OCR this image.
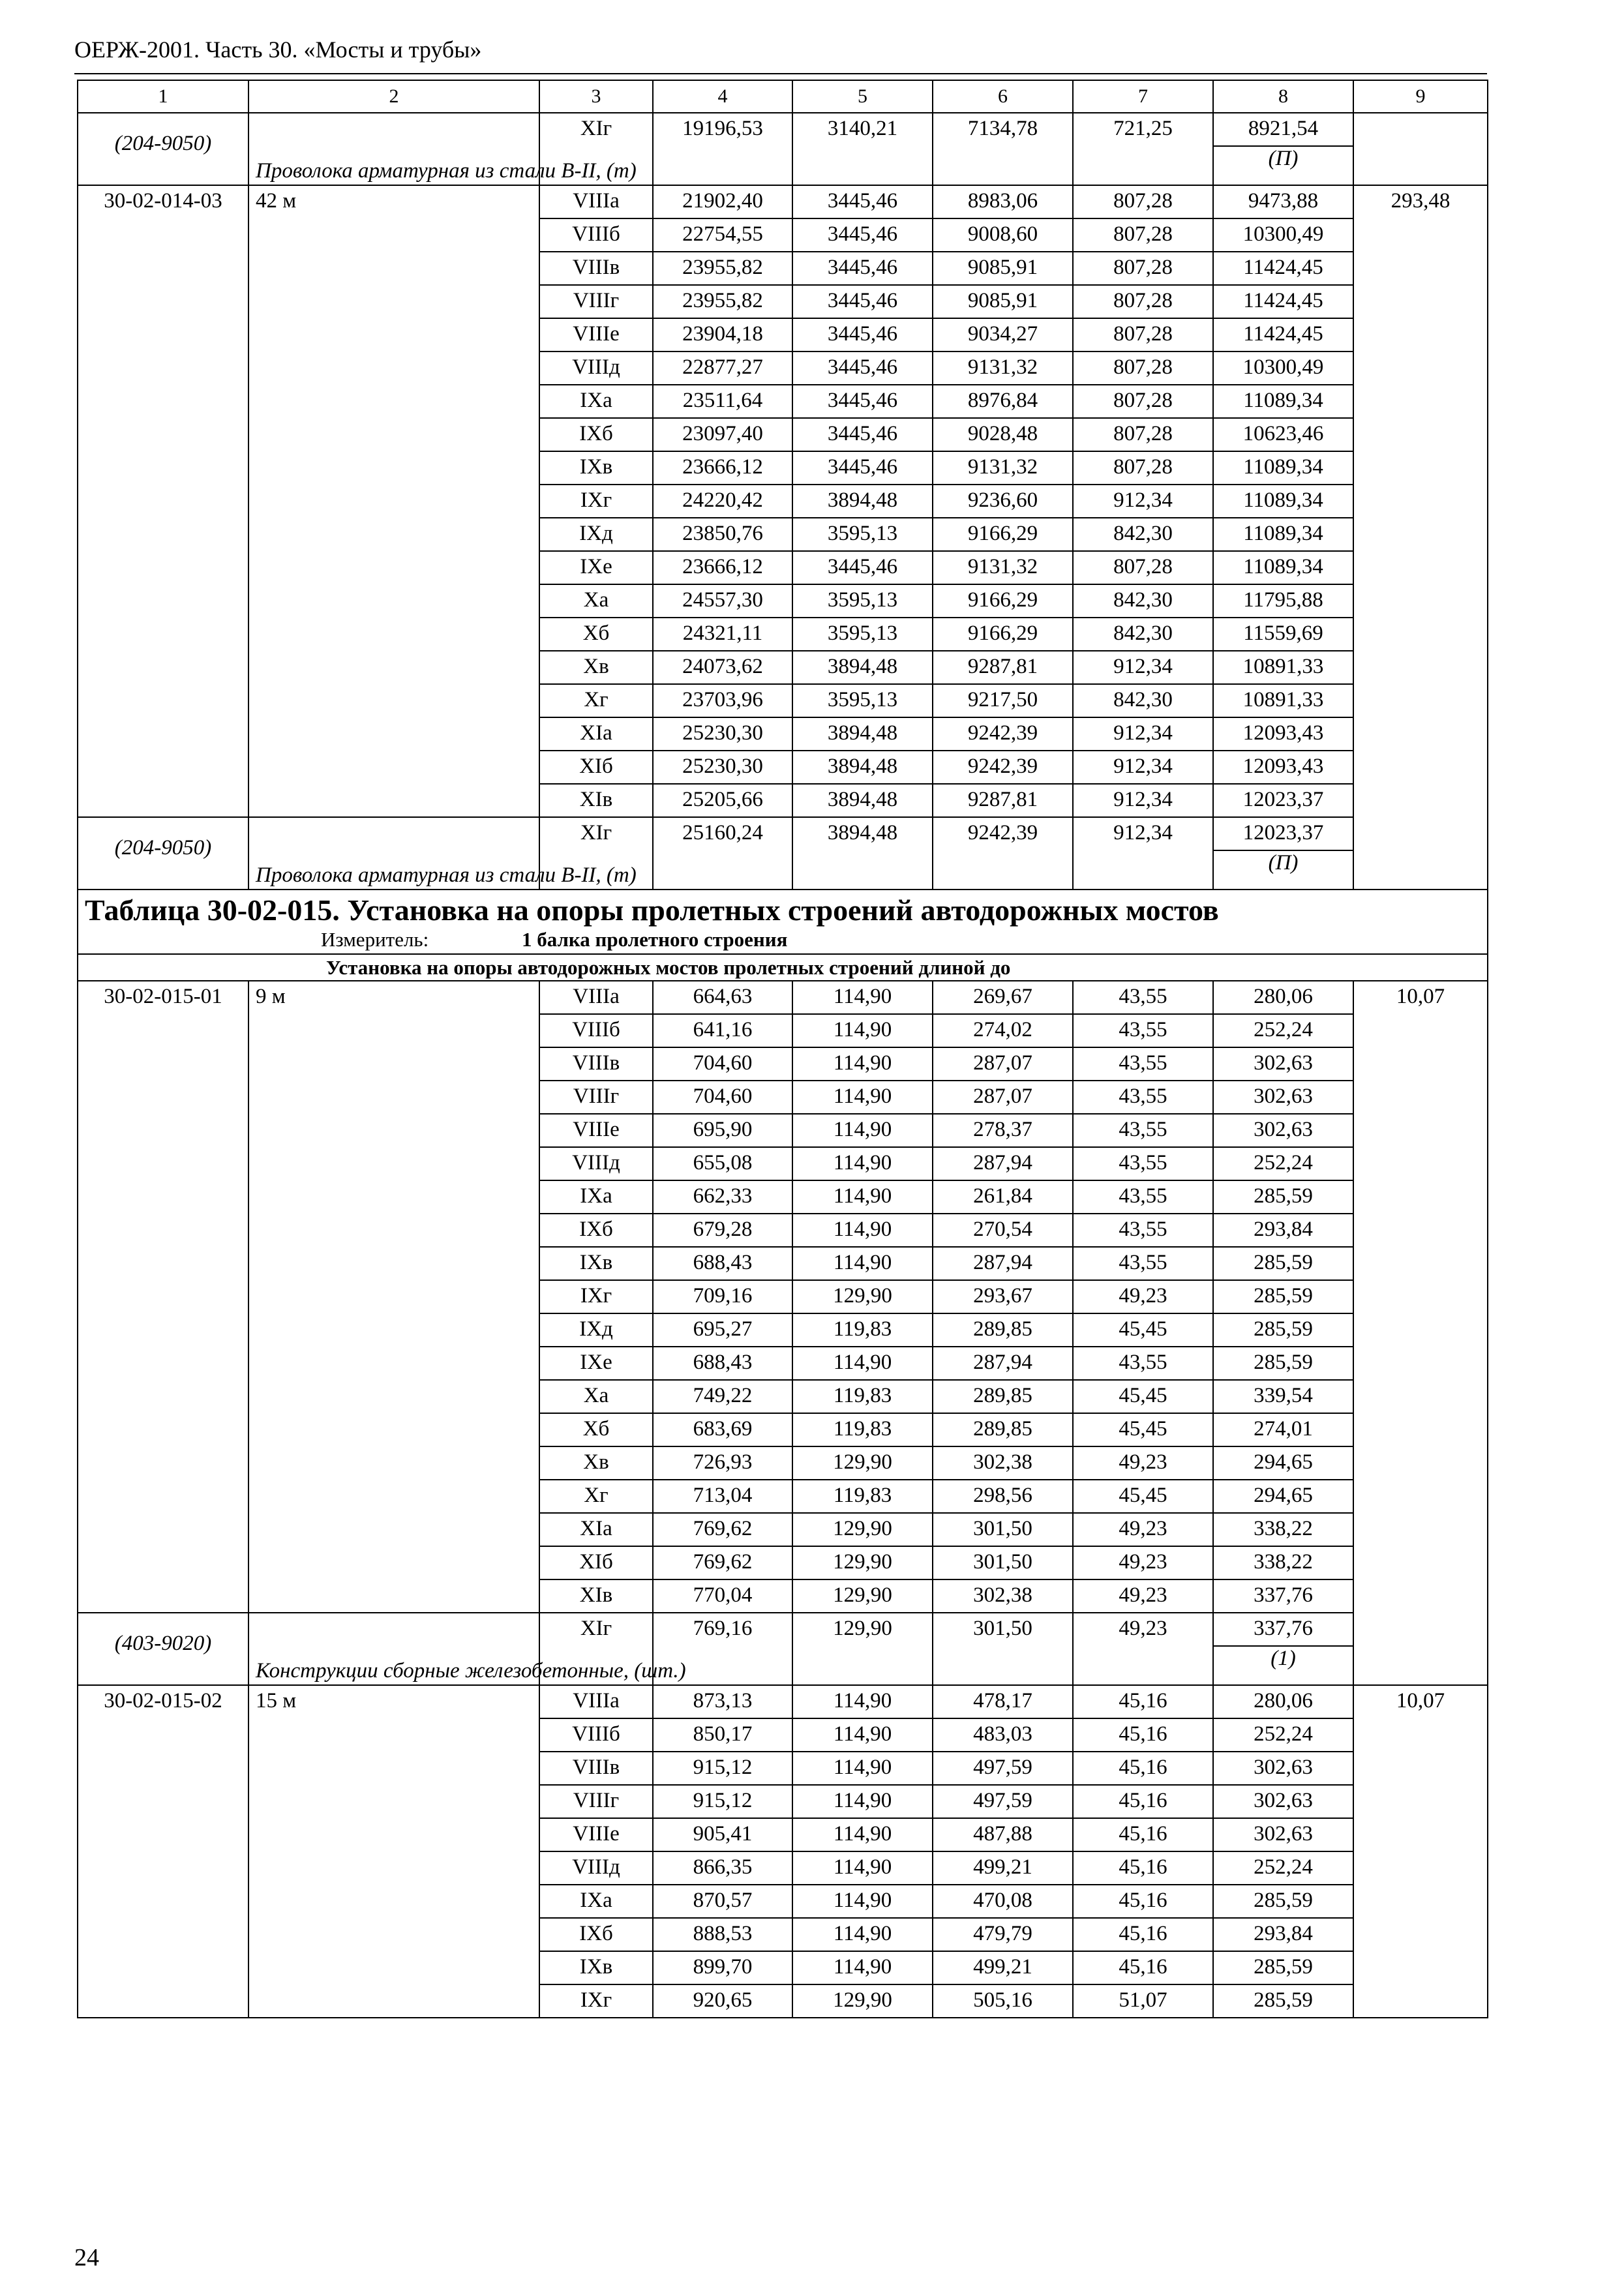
ОЕРЖ-2001. Часть 30. «Мосты и трубы»
1	2	3	4	5	6	7	8	9

(204-9050)	Проволока арматурная из стали В-II, (т)	XIг	19196,53	3140,21	7134,78	721,25	8921,54	
							(П)	
30-02-014-03	42 м	VIIIа	21902,40	3445,46	8983,06	807,28	9473,88	293,48
		VIIIб	22754,55	3445,46	9008,60	807,28	10300,49	
		VIIIв	23955,82	3445,46	9085,91	807,28	11424,45	
		VIIIг	23955,82	3445,46	9085,91	807,28	11424,45	
		VIIIе	23904,18	3445,46	9034,27	807,28	11424,45	
		VIIIд	22877,27	3445,46	9131,32	807,28	10300,49	
		IXа	23511,64	3445,46	8976,84	807,28	11089,34	
		IXб	23097,40	3445,46	9028,48	807,28	10623,46	
		IXв	23666,12	3445,46	9131,32	807,28	11089,34	
		IXг	24220,42	3894,48	9236,60	912,34	11089,34	
		IXд	23850,76	3595,13	9166,29	842,30	11089,34	
		IXе	23666,12	3445,46	9131,32	807,28	11089,34	
		Xа	24557,30	3595,13	9166,29	842,30	11795,88	
		Xб	24321,11	3595,13	9166,29	842,30	11559,69	
		Xв	24073,62	3894,48	9287,81	912,34	10891,33	
		Xг	23703,96	3595,13	9217,50	842,30	10891,33	
		XIа	25230,30	3894,48	9242,39	912,34	12093,43	
		XIб	25230,30	3894,48	9242,39	912,34	12093,43	
		XIв	25205,66	3894,48	9287,81	912,34	12023,37	

(204-9050)	Проволока арматурная из стали В-II, (т)	XIг	25160,24	3894,48	9242,39	912,34	12023,37	
							(П)	

Таблица 30-02-015. Установка на опоры пролетных строений автодорожных мостов
Измеритель: 1 балка пролетного строения								

Установка на опоры автодорожных мостов пролетных строений длиной до								

30-02-015-01	9 м	VIIIа	664,63	114,90	269,67	43,55	280,06	10,07
		VIIIб	641,16	114,90	274,02	43,55	252,24	
		VIIIв	704,60	114,90	287,07	43,55	302,63	
		VIIIг	704,60	114,90	287,07	43,55	302,63	
		VIIIе	695,90	114,90	278,37	43,55	302,63	
		VIIIд	655,08	114,90	287,94	43,55	252,24	
		IXа	662,33	114,90	261,84	43,55	285,59	
		IXб	679,28	114,90	270,54	43,55	293,84	
		IXв	688,43	114,90	287,94	43,55	285,59	
		IXг	709,16	129,90	293,67	49,23	285,59	
		IXд	695,27	119,83	289,85	45,45	285,59	
		IXе	688,43	114,90	287,94	43,55	285,59	
		Xа	749,22	119,83	289,85	45,45	339,54	
		Xб	683,69	119,83	289,85	45,45	274,01	
		Xв	726,93	129,90	302,38	49,23	294,65	
		Xг	713,04	119,83	298,56	45,45	294,65	
		XIа	769,62	129,90	301,50	49,23	338,22	
		XIб	769,62	129,90	301,50	49,23	338,22	
		XIв	770,04	129,90	302,38	49,23	337,76	

(403-9020)	Конструкции сборные железобетонные, (шт.)	XIг	769,16	129,90	301,50	49,23	337,76	
							(1)	
30-02-015-02	15 м	VIIIа	873,13	114,90	478,17	45,16	280,06	10,07
		VIIIб	850,17	114,90	483,03	45,16	252,24	
		VIIIв	915,12	114,90	497,59	45,16	302,63	
		VIIIг	915,12	114,90	497,59	45,16	302,63	
		VIIIе	905,41	114,90	487,88	45,16	302,63	
		VIIIд	866,35	114,90	499,21	45,16	252,24	
		IXа	870,57	114,90	470,08	45,16	285,59	
		IXб	888,53	114,90	479,79	45,16	293,84	
		IXв	899,70	114,90	499,21	45,16	285,59	
		IXг	920,65	129,90	505,16	51,07	285,59	
24
